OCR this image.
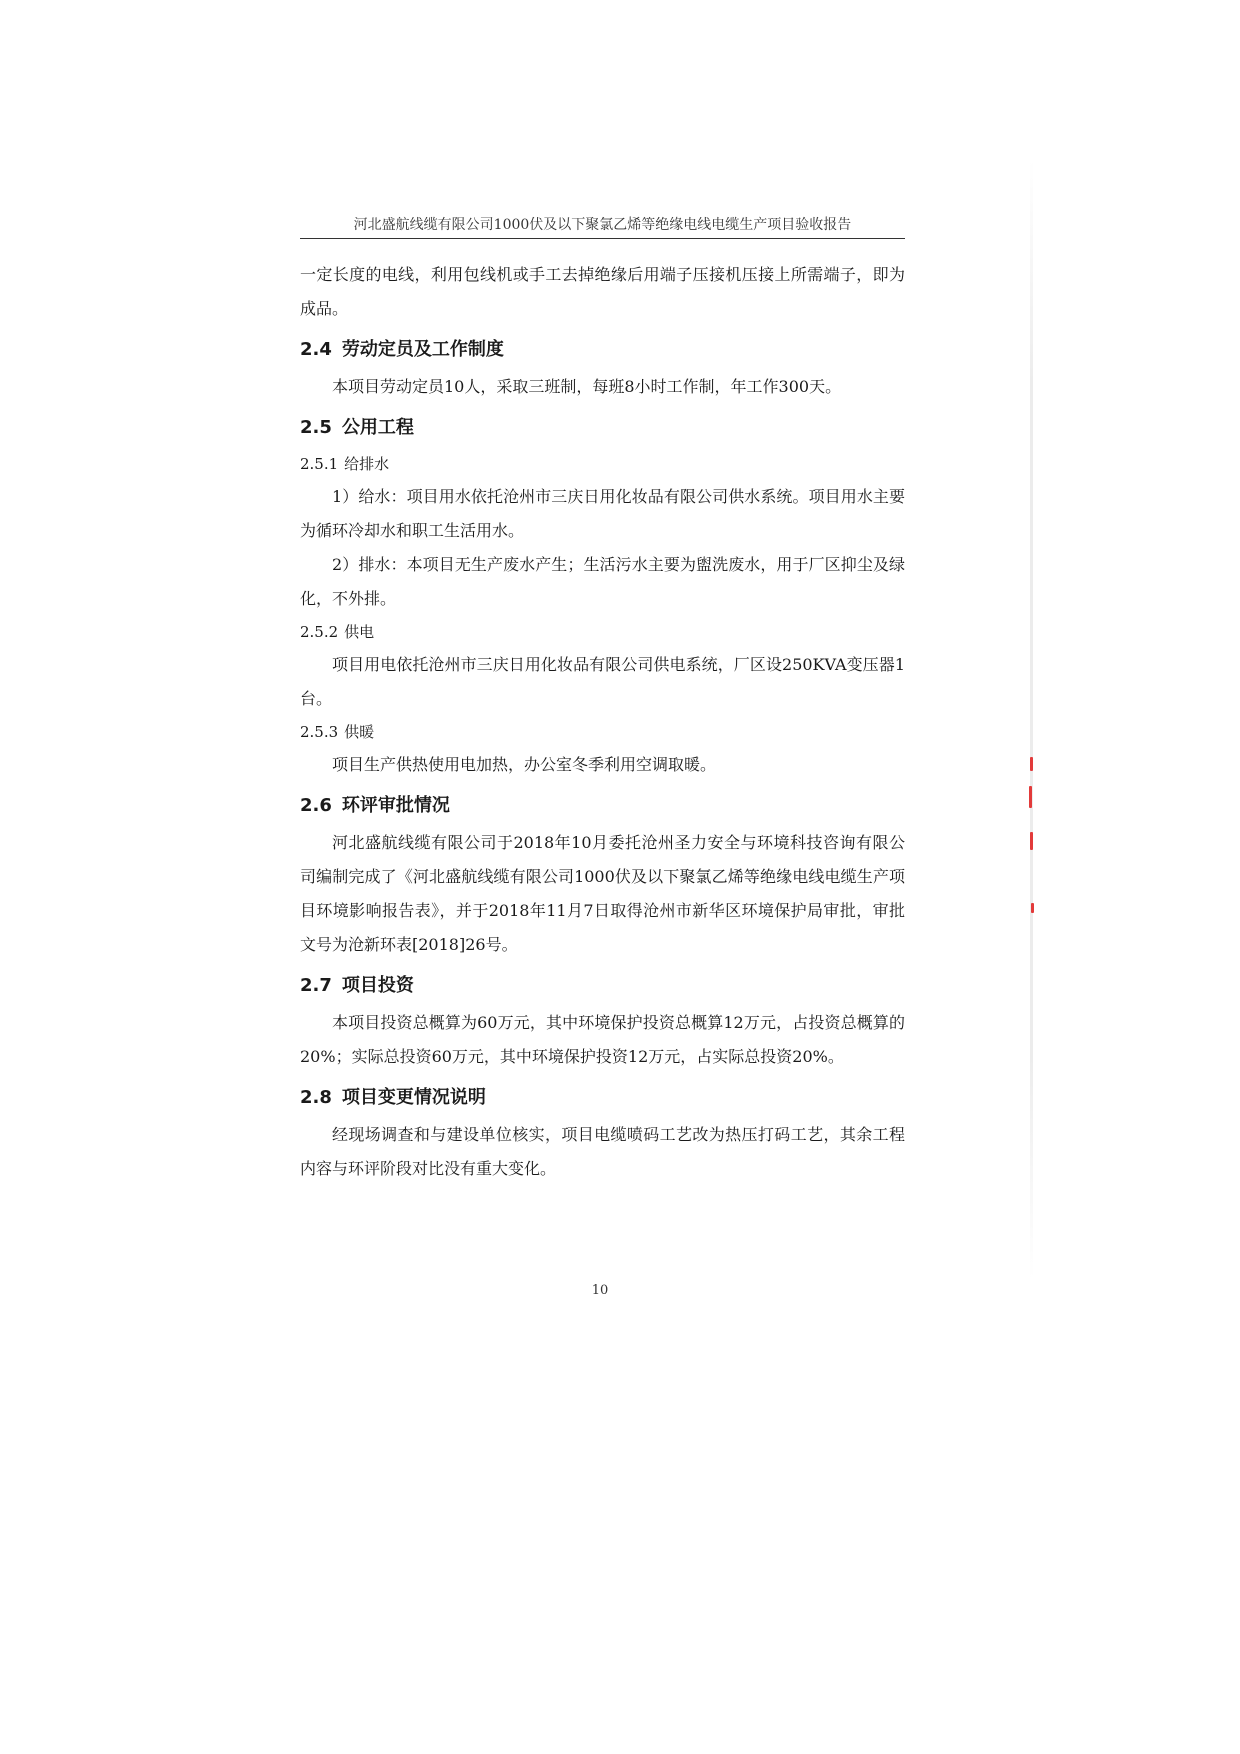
河北盛航线缆有限公司1000伏及以下聚氯乙烯等绝缘电线电缆生产项目验收报告

一定长度的电线，利用包线机或手工去掉绝缘后用端子压接机压接上所需端子，即为成品。

2.4 劳动定员及工作制度

本项目劳动定员10人，采取三班制，每班8小时工作制，年工作300天。

2.5 公用工程
2.5.1 给排水

1）给水：项目用水依托沧州市三庆日用化妆品有限公司供水系统。项目用水主要为循环冷却水和职工生活用水。

2）排水：本项目无生产废水产生；生活污水主要为盥洗废水，用于厂区抑尘及绿化，不外排。

2.5.2 供电

项目用电依托沧州市三庆日用化妆品有限公司供电系统，厂区设250KVA变压器1台。

2.5.3 供暖

项目生产供热使用电加热，办公室冬季利用空调取暖。

2.6 环评审批情况

河北盛航线缆有限公司于2018年10月委托沧州圣力安全与环境科技咨询有限公司编制完成了《河北盛航线缆有限公司1000伏及以下聚氯乙烯等绝缘电线电缆生产项目环境影响报告表》，并于2018年11月7日取得沧州市新华区环境保护局审批，审批文号为沧新环表[2018]26号。

2.7 项目投资

本项目投资总概算为60万元，其中环境保护投资总概算12万元，占投资总概算的20%；实际总投资60万元，其中环境保护投资12万元，占实际总投资20%。

2.8 项目变更情况说明

经现场调查和与建设单位核实，项目电缆喷码工艺改为热压打码工艺，其余工程内容与环评阶段对比没有重大变化。

10
